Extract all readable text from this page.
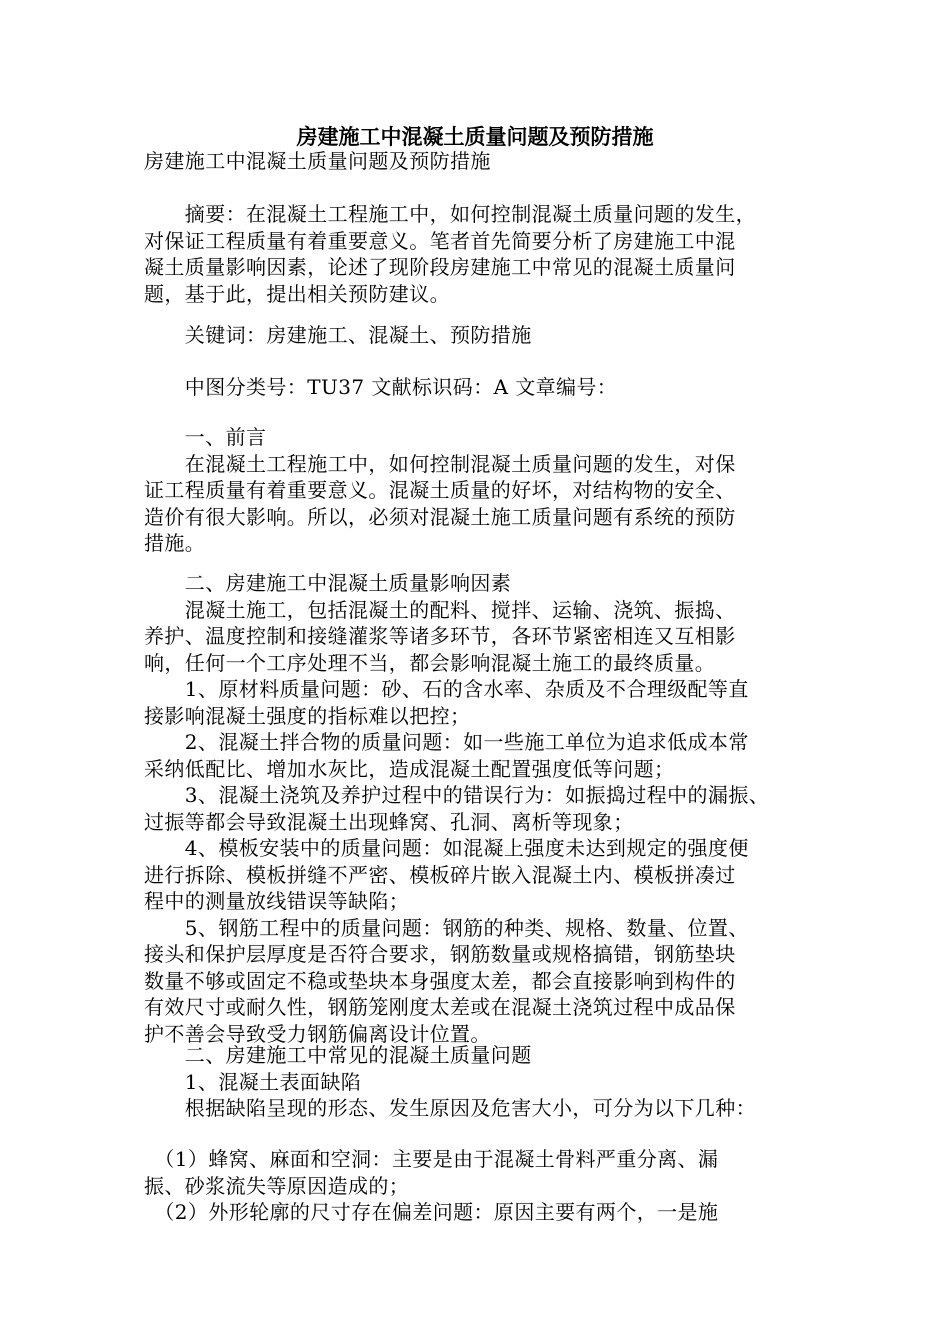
房建施工中混凝土质量问题及预防措施
房建施工中混凝土质量问题及预防措施
　　摘要：在混凝土工程施工中，如何控制混凝土质量问题的发生，
对保证工程质量有着重要意义。笔者首先简要分析了房建施工中混
凝土质量影响因素，论述了现阶段房建施工中常见的混凝土质量问
题，基于此，提出相关预防建议。
　　关键词：房建施工、混凝土、预防措施
　　中图分类号：TU37 文献标识码：A 文章编号：
　　一、前言
　　在混凝土工程施工中，如何控制混凝土质量问题的发生，对保
证工程质量有着重要意义。混凝土质量的好坏，对结构物的安全、
造价有很大影响。所以，必须对混凝土施工质量问题有系统的预防
措施。
　　二、房建施工中混凝土质量影响因素
　　混凝土施工，包括混凝土的配料、搅拌、运输、浇筑、振捣、
养护、温度控制和接缝灌浆等诸多环节，各环节紧密相连又互相影
响，任何一个工序处理不当，都会影响混凝土施工的最终质量。
　　1、原材料质量问题：砂、石的含水率、杂质及不合理级配等直
接影响混凝土强度的指标难以把控；
　　2、混凝土拌合物的质量问题：如一些施工单位为追求低成本常
采纳低配比、增加水灰比，造成混凝土配置强度低等问题；
　　3、混凝土浇筑及养护过程中的错误行为：如振捣过程中的漏振、
过振等都会导致混凝土出现蜂窝、孔洞、离析等现象；
　　4、模板安装中的质量问题：如混凝上强度未达到规定的强度便
进行拆除、模板拼缝不严密、模板碎片嵌入混凝土内、模板拼凑过
程中的测量放线错误等缺陷；
　　5、钢筋工程中的质量问题：钢筋的种类、规格、数量、位置、
接头和保护层厚度是否符合要求，钢筋数量或规格搞错，钢筋垫块
数量不够或固定不稳或垫块本身强度太差，都会直接影响到构件的
有效尺寸或耐久性，钢筋笼刚度太差或在混凝土浇筑过程中成品保
护不善会导致受力钢筋偏离设计位置。
　　二、房建施工中常见的混凝土质量问题
　　1、混凝土表面缺陷
　　根据缺陷呈现的形态、发生原因及危害大小，可分为以下几种：
　（1）蜂窝、麻面和空洞：主要是由于混凝土骨料严重分离、漏
振、砂浆流失等原因造成的；
　（2）外形轮廓的尺寸存在偏差问题：原因主要有两个，一是施
